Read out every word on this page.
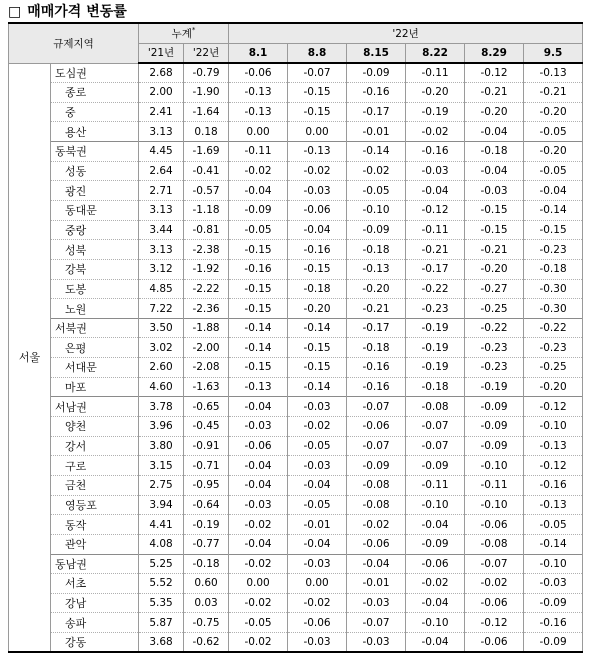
□ 매매가격 변동률
규제지역		누계*		'22년					
		'21년	'22년	8.1	8.8	8.15	8.22	8.29	9.5
서울	도심권	2.68	-0.79	-0.06	-0.07	-0.09	-0.11	-0.12	-0.13
	종로	2.00	-1.90	-0.13	-0.15	-0.16	-0.20	-0.21	-0.21
	중	2.41	-1.64	-0.13	-0.15	-0.17	-0.19	-0.20	-0.20
	용산	3.13	0.18	0.00	0.00	-0.01	-0.02	-0.04	-0.05
	동북권	4.45	-1.69	-0.11	-0.13	-0.14	-0.16	-0.18	-0.20
	성동	2.64	-0.41	-0.02	-0.02	-0.02	-0.03	-0.04	-0.05
	광진	2.71	-0.57	-0.04	-0.03	-0.05	-0.04	-0.03	-0.04
	동대문	3.13	-1.18	-0.09	-0.06	-0.10	-0.12	-0.15	-0.14
	중랑	3.44	-0.81	-0.05	-0.04	-0.09	-0.11	-0.15	-0.15
	성북	3.13	-2.38	-0.15	-0.16	-0.18	-0.21	-0.21	-0.23
	강북	3.12	-1.92	-0.16	-0.15	-0.13	-0.17	-0.20	-0.18
	도봉	4.85	-2.22	-0.15	-0.18	-0.20	-0.22	-0.27	-0.30
	노원	7.22	-2.36	-0.15	-0.20	-0.21	-0.23	-0.25	-0.30
	서북권	3.50	-1.88	-0.14	-0.14	-0.17	-0.19	-0.22	-0.22
	은평	3.02	-2.00	-0.14	-0.15	-0.18	-0.19	-0.23	-0.23
	서대문	2.60	-2.08	-0.15	-0.15	-0.16	-0.19	-0.23	-0.25
	마포	4.60	-1.63	-0.13	-0.14	-0.16	-0.18	-0.19	-0.20
	서남권	3.78	-0.65	-0.04	-0.03	-0.07	-0.08	-0.09	-0.12
	양천	3.96	-0.45	-0.03	-0.02	-0.06	-0.07	-0.09	-0.10
	강서	3.80	-0.91	-0.06	-0.05	-0.07	-0.07	-0.09	-0.13
	구로	3.15	-0.71	-0.04	-0.03	-0.09	-0.09	-0.10	-0.12
	금천	2.75	-0.95	-0.04	-0.04	-0.08	-0.11	-0.11	-0.16
	영등포	3.94	-0.64	-0.03	-0.05	-0.08	-0.10	-0.10	-0.13
	동작	4.41	-0.19	-0.02	-0.01	-0.02	-0.04	-0.06	-0.05
	관악	4.08	-0.77	-0.04	-0.04	-0.06	-0.09	-0.08	-0.14
	동남권	5.25	-0.18	-0.02	-0.03	-0.04	-0.06	-0.07	-0.10
	서초	5.52	0.60	0.00	0.00	-0.01	-0.02	-0.02	-0.03
	강남	5.35	0.03	-0.02	-0.02	-0.03	-0.04	-0.06	-0.09
	송파	5.87	-0.75	-0.05	-0.06	-0.07	-0.10	-0.12	-0.16
	강동	3.68	-0.62	-0.02	-0.03	-0.03	-0.04	-0.06	-0.09
